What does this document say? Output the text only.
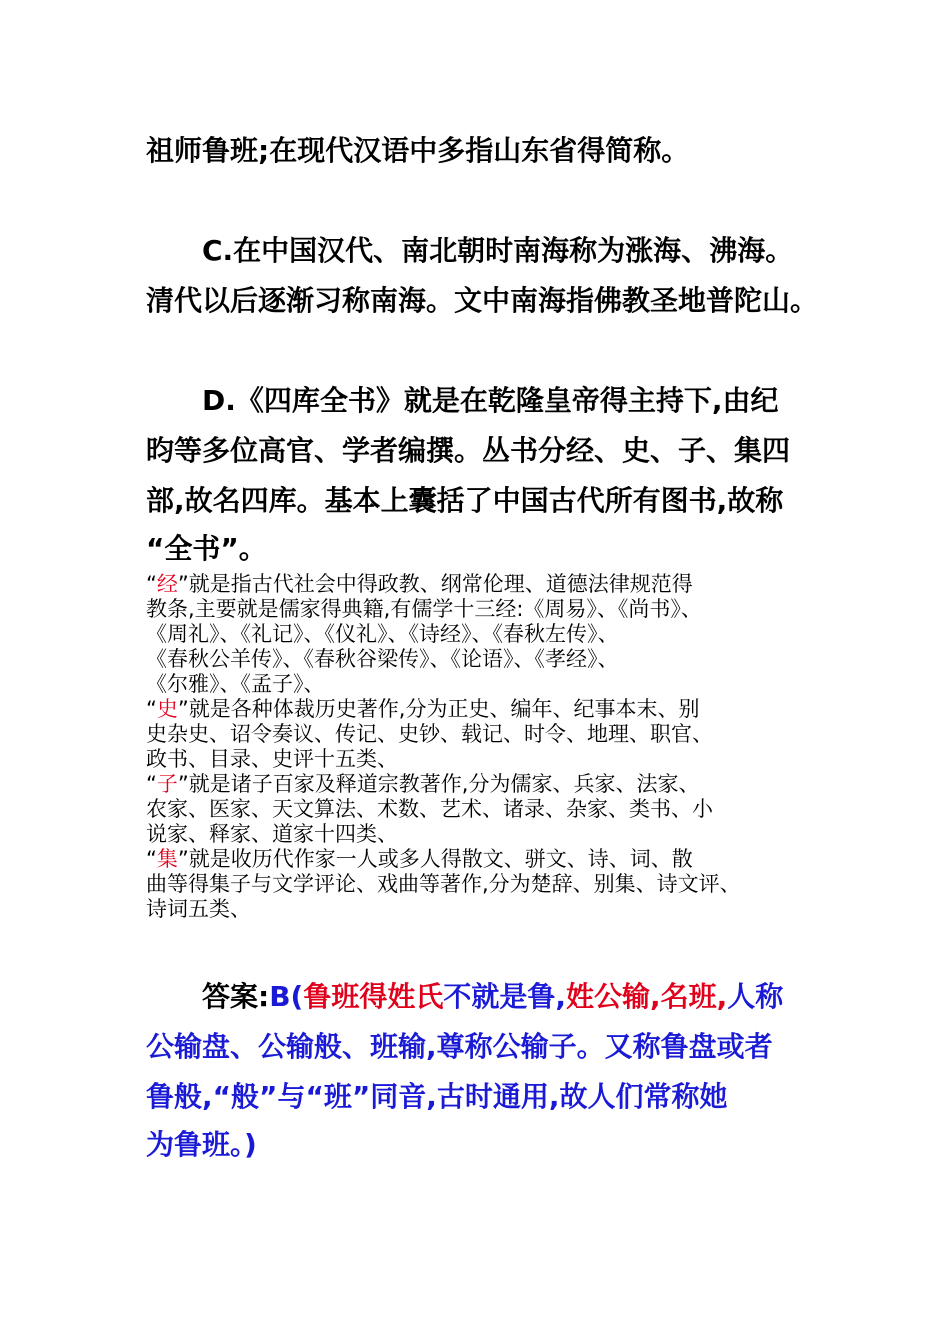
祖师鲁班;在现代汉语中多指山东省得简称。
C.在中国汉代、南北朝时南海称为涨海、沸海。
清代以后逐渐习称南海。文中南海指佛教圣地普陀山。
D.《四库全书》就是在乾隆皇帝得主持下,由纪
昀等多位高官、学者编撰。丛书分经、史、子、集四
部,故名四库。基本上囊括了中国古代所有图书,故称
“全书”。
“经”就是指古代社会中得政教、纲常伦理、道德法律规范得
教条,主要就是儒家得典籍,有儒学十三经:《周易》、《尚书》、
《周礼》、《礼记》、《仪礼》、《诗经》、《春秋左传》、
《春秋公羊传》、《春秋谷梁传》、《论语》、《孝经》、
《尔雅》、《孟子》、
“史”就是各种体裁历史著作,分为正史、编年、纪事本末、别
史杂史、诏令奏议、传记、史钞、载记、时令、地理、职官、
政书、目录、史评十五类、
“子”就是诸子百家及释道宗教著作,分为儒家、兵家、法家、
农家、医家、天文算法、术数、艺术、诸录、杂家、类书、小
说家、释家、道家十四类、
“集”就是收历代作家一人或多人得散文、骈文、诗、词、散
曲等得集子与文学评论、戏曲等著作,分为楚辞、别集、诗文评、
诗词五类、
答案:B(鲁班得姓氏不就是鲁,姓公输,名班,人称
公输盘、公输般、班输,尊称公输子。又称鲁盘或者
鲁般,“般”与“班”同音,古时通用,故人们常称她
为鲁班。)
